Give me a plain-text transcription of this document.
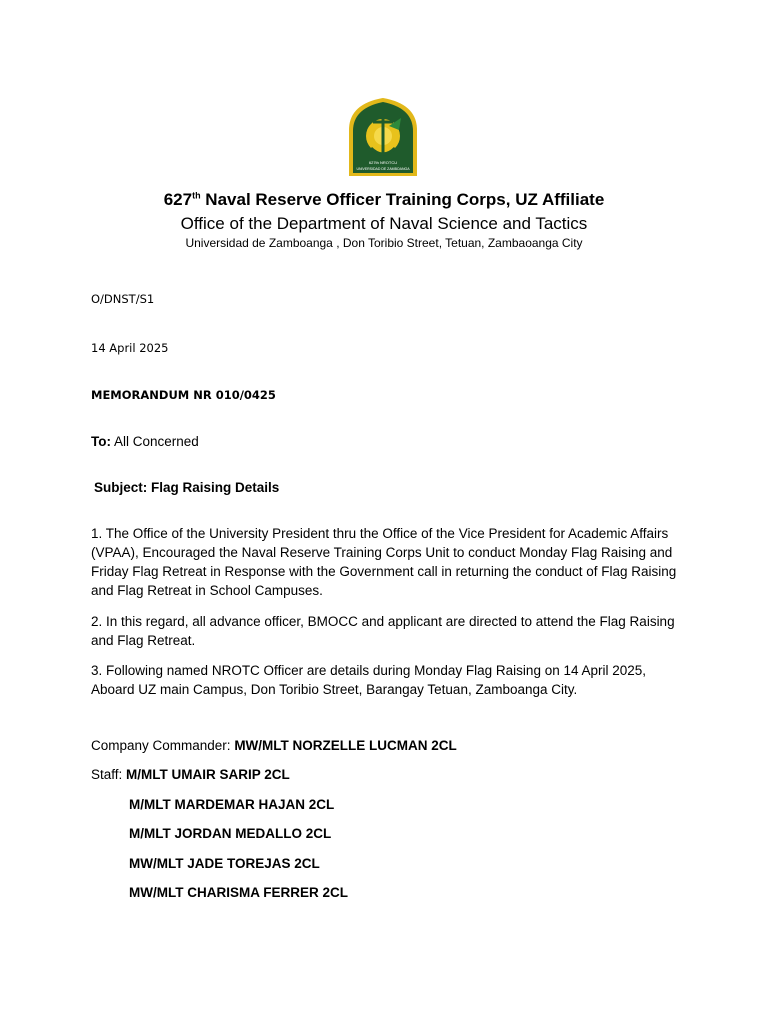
627th NROTCU
UNIVERSIDAD DE ZAMBOANGA
627th Naval Reserve Officer Training Corps, UZ Affiliate
Office of the Department of Naval Science and Tactics
Universidad de Zamboanga , Don Toribio Street, Tetuan, Zambaoanga City
O/DNST/S1
14 April 2025
MEMORANDUM NR 010/0425
To: All Concerned
Subject: Flag Raising Details
1. The Office of the University President thru the Office of the Vice President for Academic Affairs (VPAA), Encouraged the Naval Reserve Training Corps Unit to conduct Monday Flag Raising and Friday Flag Retreat in Response with the Government call in returning the conduct of Flag Raising and Flag Retreat in School Campuses.
2. In this regard, all advance officer, BMOCC and applicant are directed to attend the Flag Raising and Flag Retreat.
3. Following named NROTC Officer are details during Monday Flag Raising on 14 April 2025, Aboard UZ main Campus, Don Toribio Street, Barangay Tetuan, Zamboanga City.
Company Commander: MW/MLT NORZELLE LUCMAN 2CL
Staff: M/MLT UMAIR SARIP 2CL
M/MLT MARDEMAR HAJAN 2CL
M/MLT JORDAN MEDALLO 2CL
MW/MLT JADE TOREJAS 2CL
MW/MLT CHARISMA FERRER 2CL
